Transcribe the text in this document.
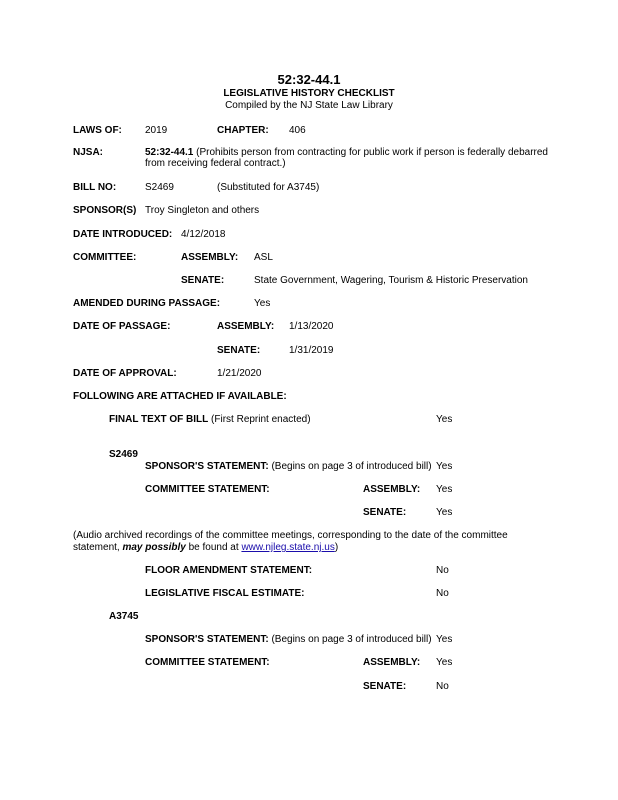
52:32-44.1
LEGISLATIVE HISTORY CHECKLIST
Compiled by the NJ State Law Library
LAWS OF: 2019	CHAPTER: 406
NJSA:	52:32-44.1 (Prohibits person from contracting for public work if person is federally debarred
from receiving federal contract.)
BILL NO:	S2469	(Substituted for A3745)
SPONSOR(S) Troy Singleton and others
DATE INTRODUCED: 4/12/2018
COMMITTEE:	ASSEMBLY: ASL
SENATE:	State Government, Wagering, Tourism & Historic Preservation
AMENDED DURING PASSAGE:	Yes
DATE OF PASSAGE:	ASSEMBLY: 1/13/2020
SENATE:	1/31/2019
DATE OF APPROVAL:	1/21/2020
FOLLOWING ARE ATTACHED IF AVAILABLE:
FINAL TEXT OF BILL (First Reprint enacted)	Yes
S2469
SPONSOR'S STATEMENT: (Begins on page 3 of introduced bill) Yes
COMMITTEE STATEMENT:	ASSEMBLY: Yes
SENATE:	Yes
(Audio archived recordings of the committee meetings, corresponding to the date of the committee
statement, may possibly be found at www.njleg.state.nj.us)
FLOOR AMENDMENT STATEMENT:	No
LEGISLATIVE FISCAL ESTIMATE:	No
A3745
SPONSOR'S STATEMENT: (Begins on page 3 of introduced bill) Yes
COMMITTEE STATEMENT:	ASSEMBLY: Yes
SENATE:	No
